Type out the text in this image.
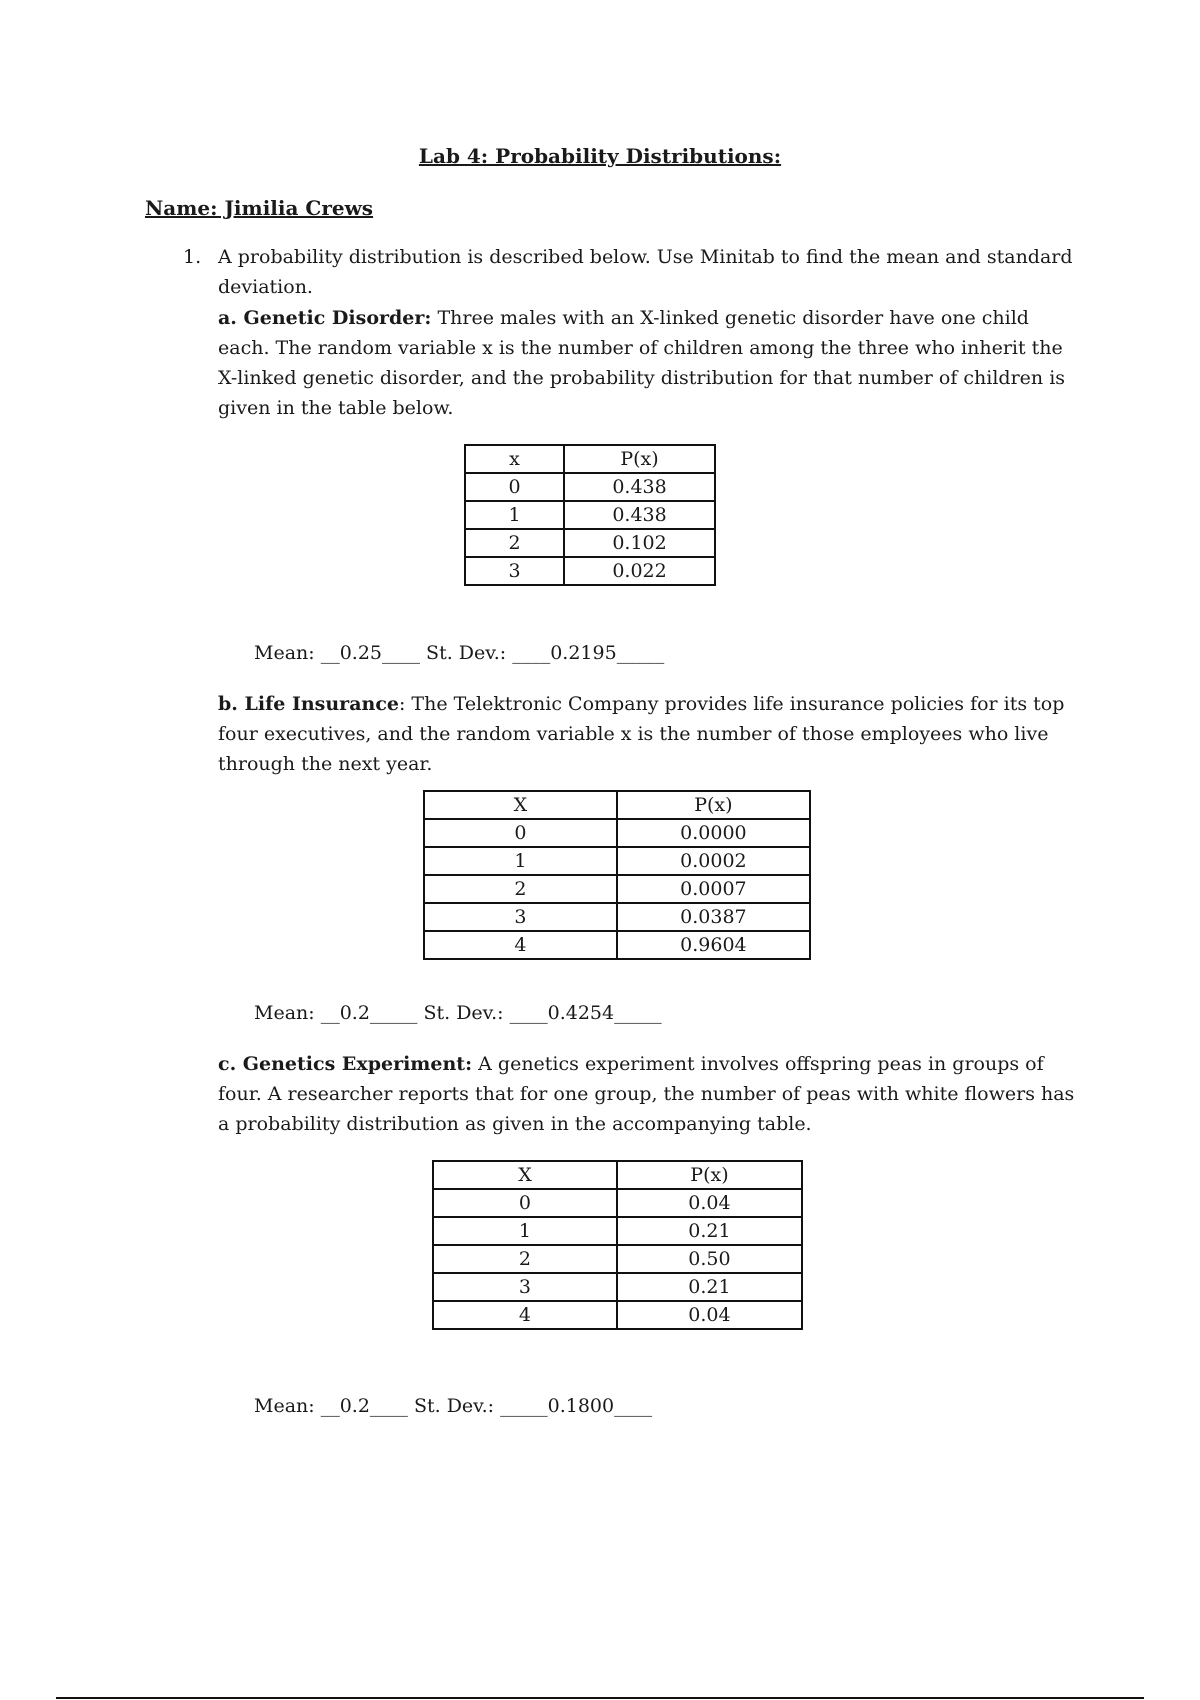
Lab 4: Probability Distributions:
Name: Jimilia Crews
1. A probability distribution is described below. Use Minitab to find the mean and standard deviation.
a. Genetic Disorder: Three males with an X-linked genetic disorder have one child each. The random variable x is the number of children among the three who inherit the X-linked genetic disorder, and the probability distribution for that number of children is given in the table below.
x	P(x)
0	0.438
1	0.438
2	0.102
3	0.022
Mean: __0.25____ St. Dev.: ____0.2195_____
b. Life Insurance: The Telektronic Company provides life insurance policies for its top four executives, and the random variable x is the number of those employees who live through the next year.
X	P(x)
0	0.0000
1	0.0002
2	0.0007
3	0.0387
4	0.9604
Mean: __0.2_____ St. Dev.: ____0.4254_____
c. Genetics Experiment: A genetics experiment involves offspring peas in groups of four. A researcher reports that for one group, the number of peas with white flowers has a probability distribution as given in the accompanying table.
X	P(x)
0	0.04
1	0.21
2	0.50
3	0.21
4	0.04
Mean: __0.2____ St. Dev.: _____0.1800____
